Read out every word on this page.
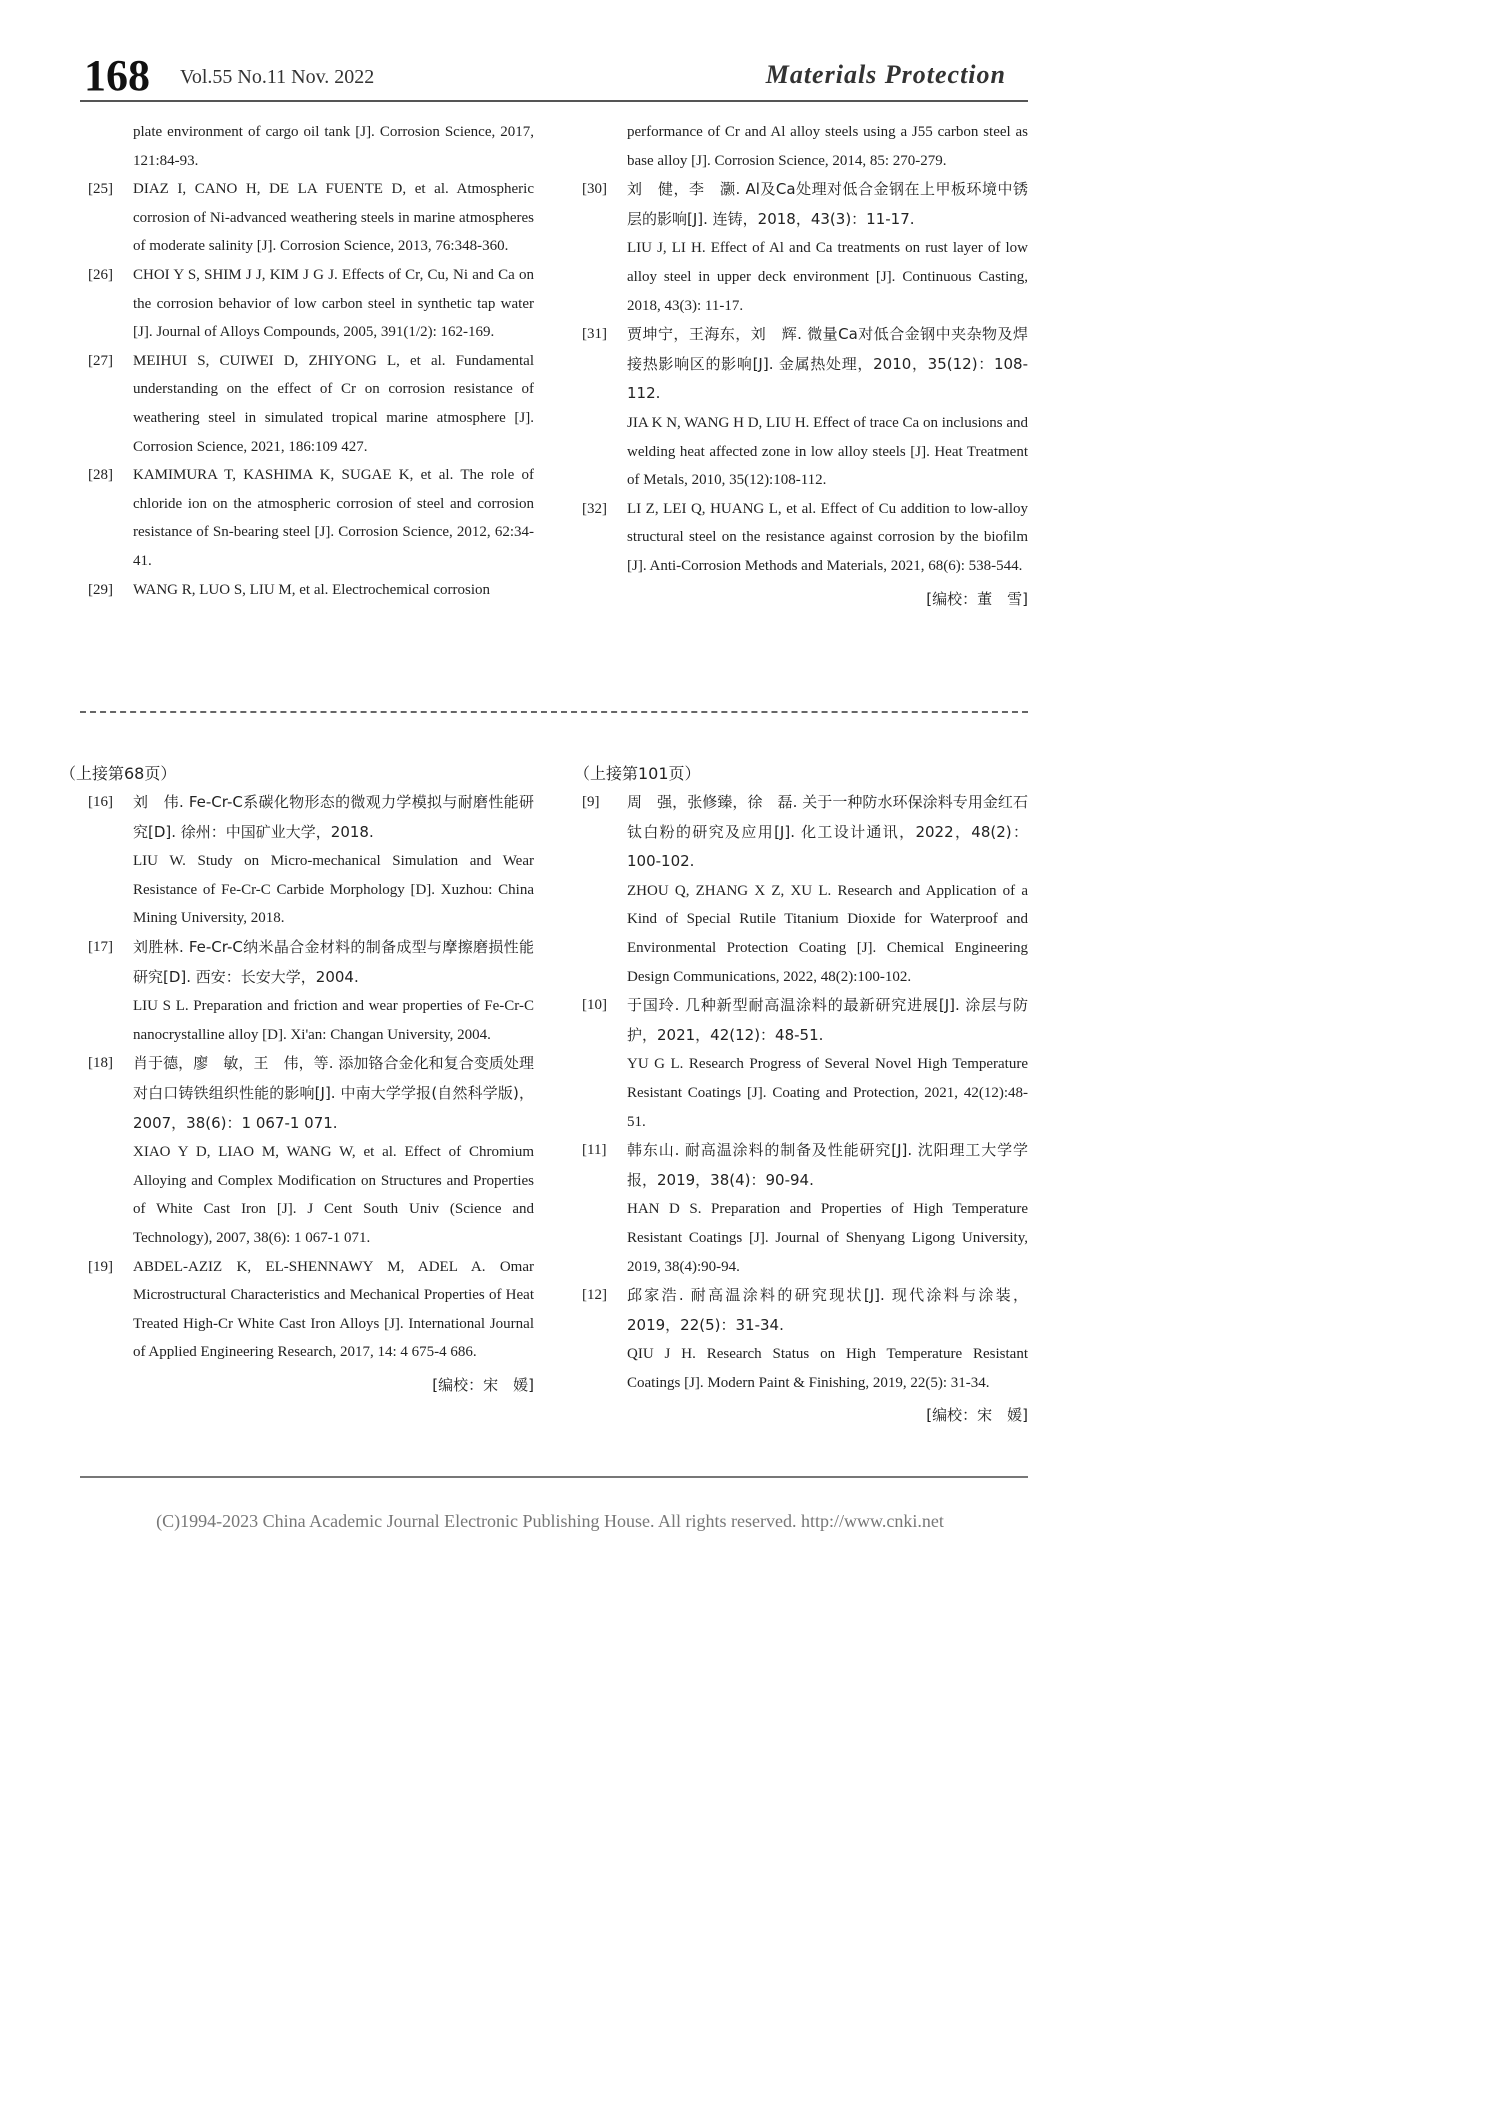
168 Vol.55 No.11 Nov. 2022	Materials Protection
plate environment of cargo oil tank [J]. Corrosion Science, 2017, 121:84-93.
[25] DIAZ I, CANO H, DE LA FUENTE D, et al. Atmospheric corrosion of Ni-advanced weathering steels in marine atmospheres of moderate salinity [J]. Corrosion Science, 2013, 76:348-360.
[26] CHOI Y S, SHIM J J, KIM J G J. Effects of Cr, Cu, Ni and Ca on the corrosion behavior of low carbon steel in synthetic tap water [J]. Journal of Alloys Compounds, 2005, 391(1/2): 162-169.
[27] MEIHUI S, CUIWEI D, ZHIYONG L, et al. Fundamental understanding on the effect of Cr on corrosion resistance of weathering steel in simulated tropical marine atmosphere [J]. Corrosion Science, 2021, 186:109 427.
[28] KAMIMURA T, KASHIMA K, SUGAE K, et al. The role of chloride ion on the atmospheric corrosion of steel and corrosion resistance of Sn-bearing steel [J]. Corrosion Science, 2012, 62:34-41.
[29] WANG R, LUO S, LIU M, et al. Electrochemical corrosion
performance of Cr and Al alloy steels using a J55 carbon steel as base alloy [J]. Corrosion Science, 2014, 85: 270-279.
[30] 刘　健，李　灏. Al及Ca处理对低合金钢在上甲板环境中锈层的影响[J]. 连铸，2018，43(3)：11-17.
LIU J, LI H. Effect of Al and Ca treatments on rust layer of low alloy steel in upper deck environment [J]. Continuous Casting, 2018, 43(3): 11-17.
[31] 贾坤宁，王海东，刘　辉. 微量Ca对低合金钢中夹杂物及焊接热影响区的影响[J]. 金属热处理，2010，35(12)：108-112.
JIA K N, WANG H D, LIU H. Effect of trace Ca on inclusions and welding heat affected zone in low alloy steels [J]. Heat Treatment of Metals, 2010, 35(12):108-112.
[32] LI Z, LEI Q, HUANG L, et al. Effect of Cu addition to low-alloy structural steel on the resistance against corrosion by the biofilm [J]. Anti-Corrosion Methods and Materials, 2021, 68(6): 538-544.
[编校：董　雪]
（上接第68页）
[16] 刘　伟. Fe-Cr-C系碳化物形态的微观力学模拟与耐磨性能研究[D]. 徐州：中国矿业大学，2018.
LIU W. Study on Micro-mechanical Simulation and Wear Resistance of Fe-Cr-C Carbide Morphology [D]. Xuzhou: China Mining University, 2018.
[17] 刘胜林. Fe-Cr-C纳米晶合金材料的制备成型与摩擦磨损性能研究[D]. 西安：长安大学，2004.
LIU S L. Preparation and friction and wear properties of Fe-Cr-C nanocrystalline alloy [D]. Xi'an: Changan University, 2004.
[18] 肖于德，廖　敏，王　伟，等. 添加铬合金化和复合变质处理对白口铸铁组织性能的影响[J]. 中南大学学报(自然科学版)，2007，38(6)：1 067-1 071.
XIAO Y D, LIAO M, WANG W, et al. Effect of Chromium Alloying and Complex Modification on Structures and Properties of White Cast Iron [J]. J Cent South Univ (Science and Technology), 2007, 38(6): 1 067-1 071.
[19] ABDEL-AZIZ K, EL-SHENNAWY M, ADEL A. Omar Microstructural Characteristics and Mechanical Properties of Heat Treated High-Cr White Cast Iron Alloys [J]. International Journal of Applied Engineering Research, 2017, 14: 4 675-4 686.
[编校：宋　媛]
（上接第101页）
[9] 周　强，张修臻，徐　磊. 关于一种防水环保涂料专用金红石钛白粉的研究及应用[J]. 化工设计通讯，2022，48(2)：100-102.
ZHOU Q, ZHANG X Z, XU L. Research and Application of a Kind of Special Rutile Titanium Dioxide for Waterproof and Environmental Protection Coating [J]. Chemical Engineering Design Communications, 2022, 48(2):100-102.
[10] 于国玲. 几种新型耐高温涂料的最新研究进展[J]. 涂层与防护，2021，42(12)：48-51.
YU G L. Research Progress of Several Novel High Temperature Resistant Coatings [J]. Coating and Protection, 2021, 42(12):48-51.
[11] 韩东山. 耐高温涂料的制备及性能研究[J]. 沈阳理工大学学报，2019，38(4)：90-94.
HAN D S. Preparation and Properties of High Temperature Resistant Coatings [J]. Journal of Shenyang Ligong University, 2019, 38(4):90-94.
[12] 邱家浩. 耐高温涂料的研究现状[J]. 现代涂料与涂装，2019，22(5)：31-34.
QIU J H. Research Status on High Temperature Resistant Coatings [J]. Modern Paint & Finishing, 2019, 22(5): 31-34.
[编校：宋　媛]
(C)1994-2023 China Academic Journal Electronic Publishing House. All rights reserved. http://www.cnki.net
